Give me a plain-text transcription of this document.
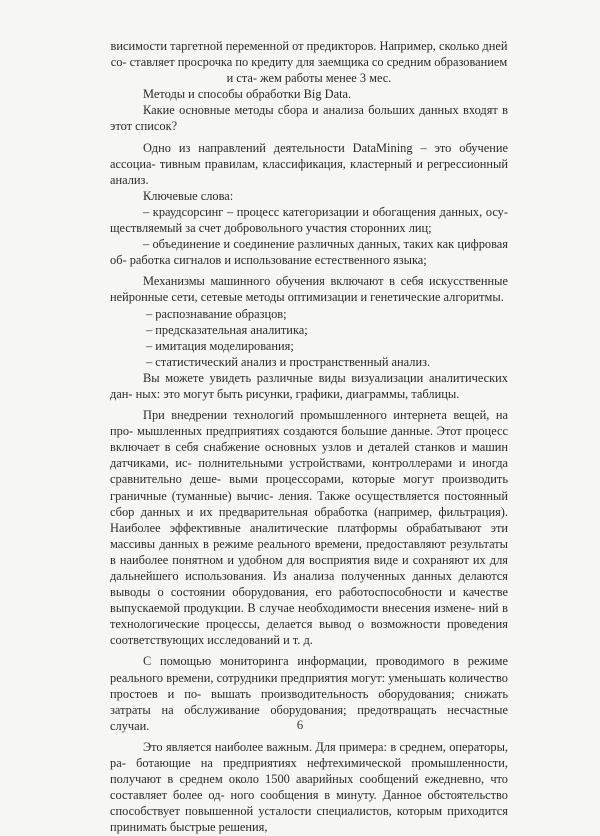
висимости таргетной переменной от предикторов. Например, сколько дней со- ставляет просрочка по кредиту для заемщика со средним образованием и ста- жем работы менее 3 мес.

Методы и способы обработки Big Data.

Какие основные методы сбора и анализа больших данных входят в этот список?

Одно из направлений деятельности DataMining – это обучение ассоциа- тивным правилам, классификация, кластерный и регрессионный анализ.

Ключевые слова:

– краудсорсинг – процесс категоризации и обогащения данных, осу- ществляемый за счет добровольного участия сторонних лиц;

– объединение и соединение различных данных, таких как цифровая об- работка сигналов и использование естественного языка;

Механизмы машинного обучения включают в себя искусственные нейронные сети, сетевые методы оптимизации и генетические алгоритмы.

– распознавание образцов;

– предсказательная аналитика;

– имитация моделирования;

– статистический анализ и пространственный анализ.

Вы можете увидеть различные виды визуализации аналитических дан- ных: это могут быть рисунки, графики, диаграммы, таблицы.

При внедрении технологий промышленного интернета вещей, на про- мышленных предприятиях создаются большие данные. Этот процесс включает в себя снабжение основных узлов и деталей станков и машин датчиками, ис- полнительными устройствами, контроллерами и иногда сравнительно деше- выми процессорами, которые могут производить граничные (туманные) вычис- ления. Также осуществляется постоянный сбор данных и их предварительная обработка (например, фильтрация). Наиболее эффективные аналитические платформы обрабатывают эти массивы данных в режиме реального времени, предоставляют результаты в наиболее понятном и удобном для восприятия виде и сохраняют их для дальнейшего использования. Из анализа полученных данных делаются выводы о состоянии оборудования, его работоспособности и качестве выпускаемой продукции. В случае необходимости внесения измене- ний в технологические процессы, делается вывод о возможности проведения соответствующих исследований и т. д.

С помощью мониторинга информации, проводимого в режиме реального времени, сотрудники предприятия могут: уменьшать количество простоев и по- вышать производительность оборудования; снижать затраты на обслуживание оборудования; предотвращать несчастные случаи.

Это является наиболее важным. Для примера: в среднем, операторы, ра- ботающие на предприятиях нефтехимической промышленности, получают в среднем около 1500 аварийных сообщений ежедневно, что составляет более од- ного сообщения в минуту. Данное обстоятельство способствует повышенной усталости специалистов, которым приходится принимать быстрые решения,

6
